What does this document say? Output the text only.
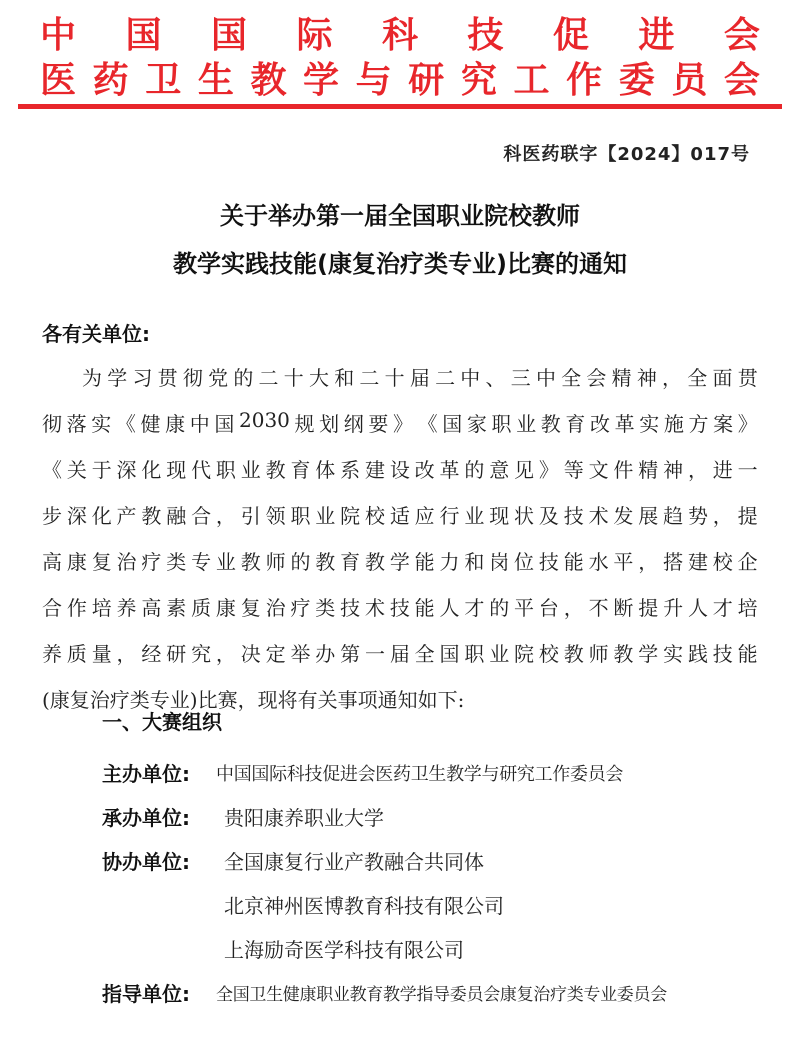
中 国 国 际 科 技 促 进 会
医 药 卫 生 教 学 与 研 究 工 作 委 员 会
科医药联字【2024】017号
关于举办第一届全国职业院校教师
教学实践技能(康复治疗类专业)比赛的通知
各有关单位:
为 学 习 贯 彻 党 的 二 十 大 和 二 十 届 二 中 、 三 中 全 会 精 神 ， 全 面 贯
彻 落 实 《 健 康 中 国 2030 规 划 纲 要 》 《 国 家 职 业 教 育 改 革 实 施 方 案 》
《 关 于 深 化 现 代 职 业 教 育 体 系 建 设 改 革 的 意 见 》 等 文 件 精 神 ， 进 一
步 深 化 产 教 融 合 ， 引 领 职 业 院 校 适 应 行 业 现 状 及 技 术 发 展 趋 势 ， 提
高 康 复 治 疗 类 专 业 教 师 的 教 育 教 学 能 力 和 岗 位 技 能 水 平 ， 搭 建 校 企
合 作 培 养 高 素 质 康 复 治 疗 类 技 术 技 能 人 才 的 平 台 ， 不 断 提 升 人 才 培
养 质 量 ， 经 研 究 ， 决 定 举 办 第 一 届 全 国 职 业 院 校 教 师 教 学 实 践 技 能
(康复治疗类专业)比赛，现将有关事项通知如下:
一、大赛组织
主办单位: 中国国际科技促进会医药卫生教学与研究工作委员会
承办单位: 贵阳康养职业大学
协办单位: 全国康复行业产教融合共同体
北京神州医博教育科技有限公司
上海励奇医学科技有限公司
指导单位: 全国卫生健康职业教育教学指导委员会康复治疗类专业委员会
